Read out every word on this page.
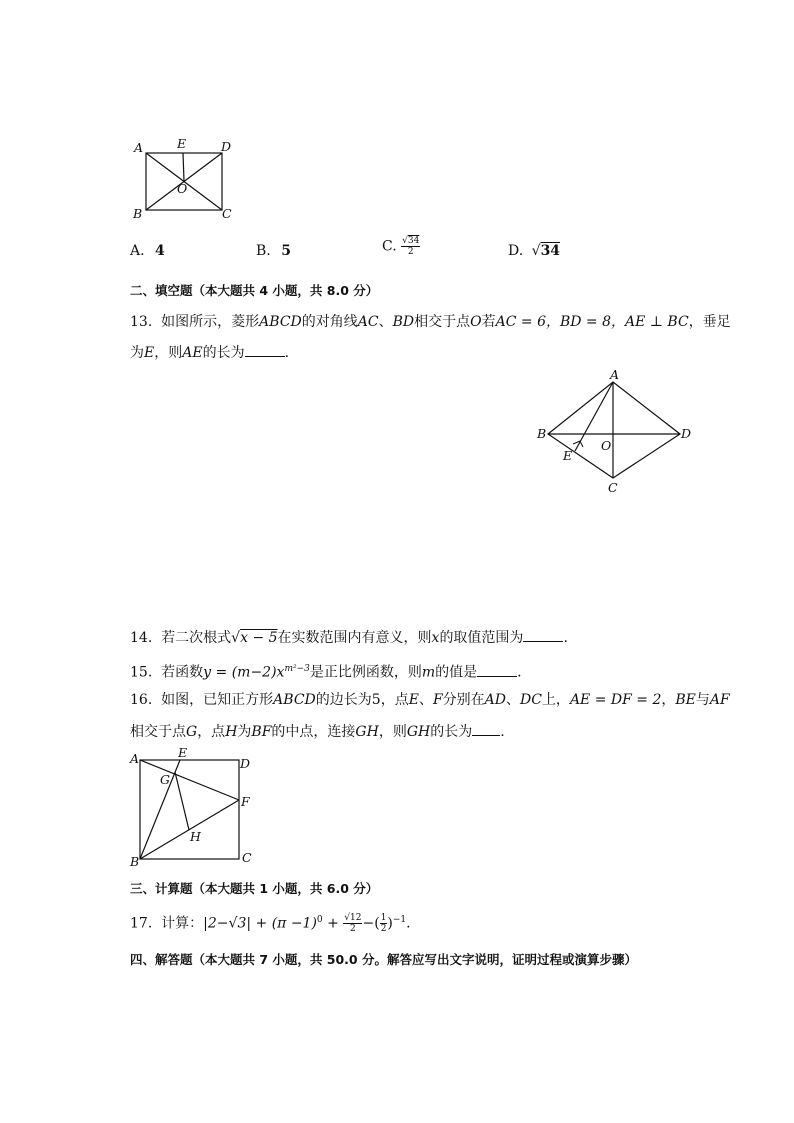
A	E	D
O
B	C
A. 4	B. 5	C. $\frac{√34}{2}$	D. √34
二、填空题（本大题共 4 小题，共 8.0 分）
13. 如图所示，菱形ABCD的对角线AC、BD相交于点O若AC = 6，BD = 8，AE ⊥ BC，垂足
为E，则AE的长为	.
A
B
C
D
E
O
14. 若二次根式√x − 5在实数范围内有意义，则x的取值范围为	.
15. 若函数$y = (m-2)x^{m^2-3}$是正比例函数，则m的值是	.
16. 如图，已知正方形ABCD的边长为5，点E、F分别在AD、DC上，AE = DF = 2，BE与AF
相交于点G，点H为BF的中点，连接GH，则GH的长为 .
A	E
D
G
F
H
B	C
三、计算题（本大题共 1 小题，共 6.0 分）
17. 计算：$|2-√3| + (\pi -1)^0 + \frac{√12}{2}$ −( $\frac{1}{2} )^{-1}$.
四、解答题（本大题共 7 小题，共 50.0 分。解答应写出文字说明，证明过程或演算步骤）
